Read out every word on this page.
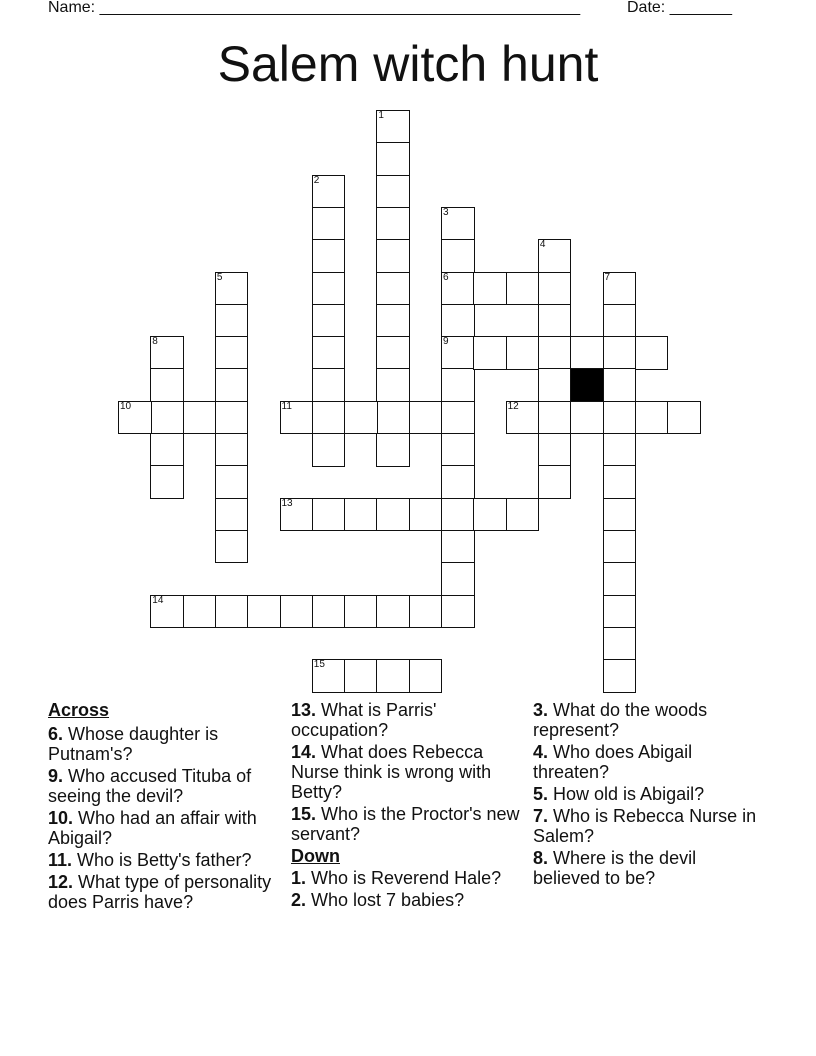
Name: ______________________________________________________	Date: _______
Salem witch hunt
1
2
3
6
9
4
5	7
8
10	11	12
13
14
15
Across
6. Whose daughter is Putnam's?
9. Who accused Tituba of seeing the devil?
10. Who had an affair with Abigail?
11. Who is Betty's father?
12. What type of personality does Parris have?
13. What is Parris' occupation?
14. What does Rebecca Nurse think is wrong with Betty?
15. Who is the Proctor's new servant?
Down
1. Who is Reverend Hale?
2. Who lost 7 babies?
3. What do the woods represent?
4. Who does Abigail threaten?
5. How old is Abigail?
7. Who is Rebecca Nurse in Salem?
8. Where is the devil believed to be?
